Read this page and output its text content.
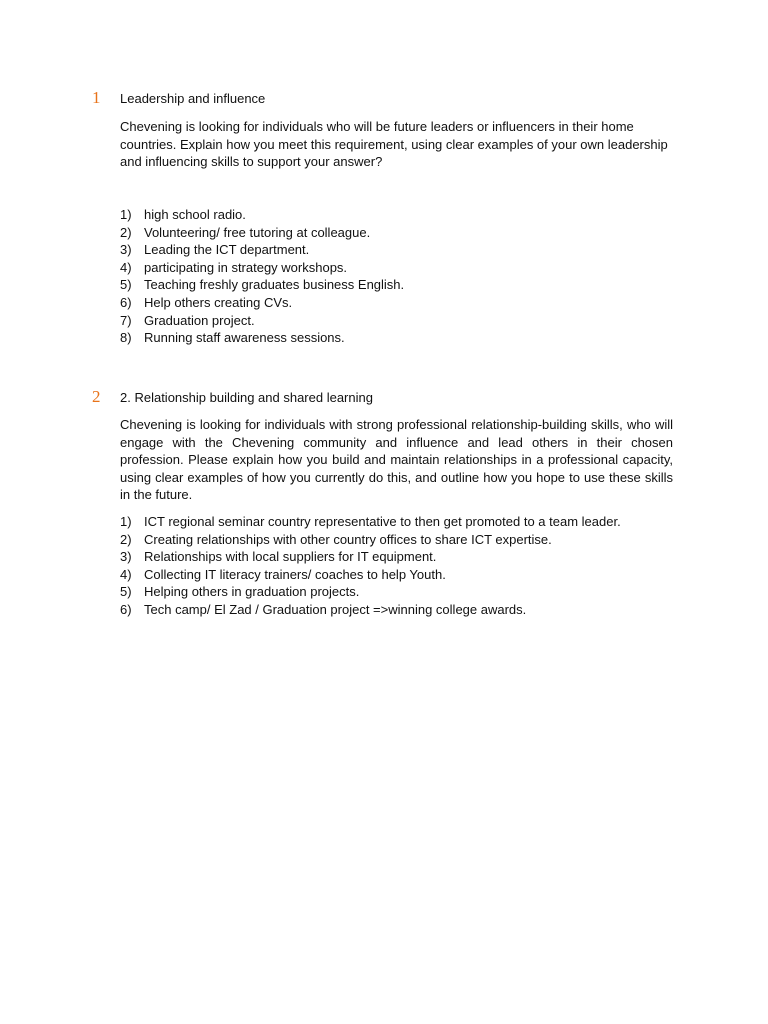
1 Leadership and influence

Chevening is looking for individuals who will be future leaders or influencers in their home countries. Explain how you meet this requirement, using clear examples of your own leadership and influencing skills to support your answer?

1) high school radio.
2) Volunteering/ free tutoring at colleague.
3) Leading the ICT department.
4) participating in strategy workshops.
5) Teaching freshly graduates business English.
6) Help others creating CVs.
7) Graduation project.
8) Running staff awareness sessions.
2 2. Relationship building and shared learning

Chevening is looking for individuals with strong professional relationship-building skills, who will engage with the Chevening community and influence and lead others in their chosen profession. Please explain how you build and maintain relationships in a professional capacity, using clear examples of how you currently do this, and outline how you hope to use these skills in the future.

1) ICT regional seminar country representative to then get promoted to a team leader.
2) Creating relationships with other country offices to share ICT expertise.
3) Relationships with local suppliers for IT equipment.
4) Collecting IT literacy trainers/ coaches to help Youth.
5) Helping others in graduation projects.
6) Tech camp/ El Zad / Graduation project =>winning college awards.
